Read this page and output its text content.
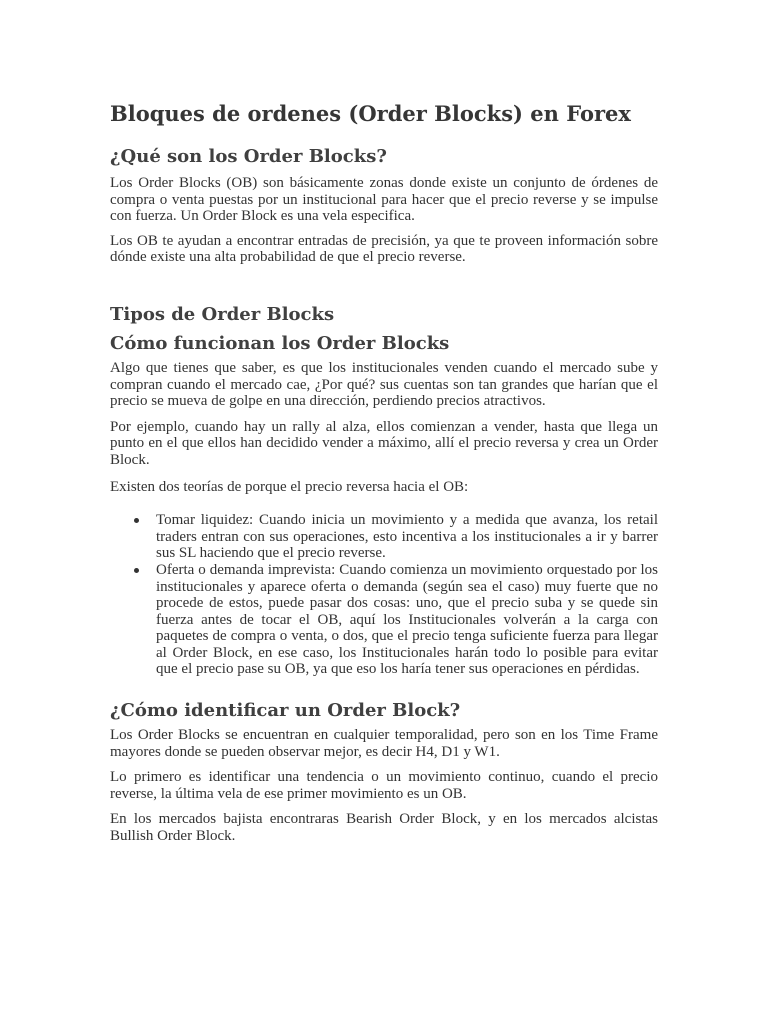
Bloques de ordenes (Order Blocks) en Forex
¿Qué son los Order Blocks?

Los Order Blocks (OB) son básicamente zonas donde existe un conjunto de órdenes de compra o venta puestas por un institucional para hacer que el precio reverse y se impulse con fuerza. Un Order Block es una vela especifica.

Los OB te ayudan a encontrar entradas de precisión, ya que te proveen información sobre dónde existe una alta probabilidad de que el precio reverse.

Tipos de Order Blocks
Cómo funcionan los Order Blocks

Algo que tienes que saber, es que los institucionales venden cuando el mercado sube y compran cuando el mercado cae, ¿Por qué? sus cuentas son tan grandes que harían que el precio se mueva de golpe en una dirección, perdiendo precios atractivos.

Por ejemplo, cuando hay un rally al alza, ellos comienzan a vender, hasta que llega un punto en el que ellos han decidido vender a máximo, allí el precio reversa y crea un Order Block.

Existen dos teorías de porque el precio reversa hacia el OB:

Tomar liquidez: Cuando inicia un movimiento y a medida que avanza, los retail traders entran con sus operaciones, esto incentiva a los institucionales a ir y barrer sus SL haciendo que el precio reverse.
Oferta o demanda imprevista: Cuando comienza un movimiento orquestado por los institucionales y aparece oferta o demanda (según sea el caso) muy fuerte que no procede de estos, puede pasar dos cosas: uno, que el precio suba y se quede sin fuerza antes de tocar el OB, aquí los Institucionales volverán a la carga con paquetes de compra o venta, o dos, que el precio tenga suficiente fuerza para llegar al Order Block, en ese caso, los Institucionales harán todo lo posible para evitar que el precio pase su OB, ya que eso los haría tener sus operaciones en pérdidas.
¿Cómo identificar un Order Block?

Los Order Blocks se encuentran en cualquier temporalidad, pero son en los Time Frame mayores donde se pueden observar mejor, es decir H4, D1 y W1.

Lo primero es identificar una tendencia o un movimiento continuo, cuando el precio reverse, la última vela de ese primer movimiento es un OB.

En los mercados bajista encontraras Bearish Order Block, y en los mercados alcistas Bullish Order Block.
